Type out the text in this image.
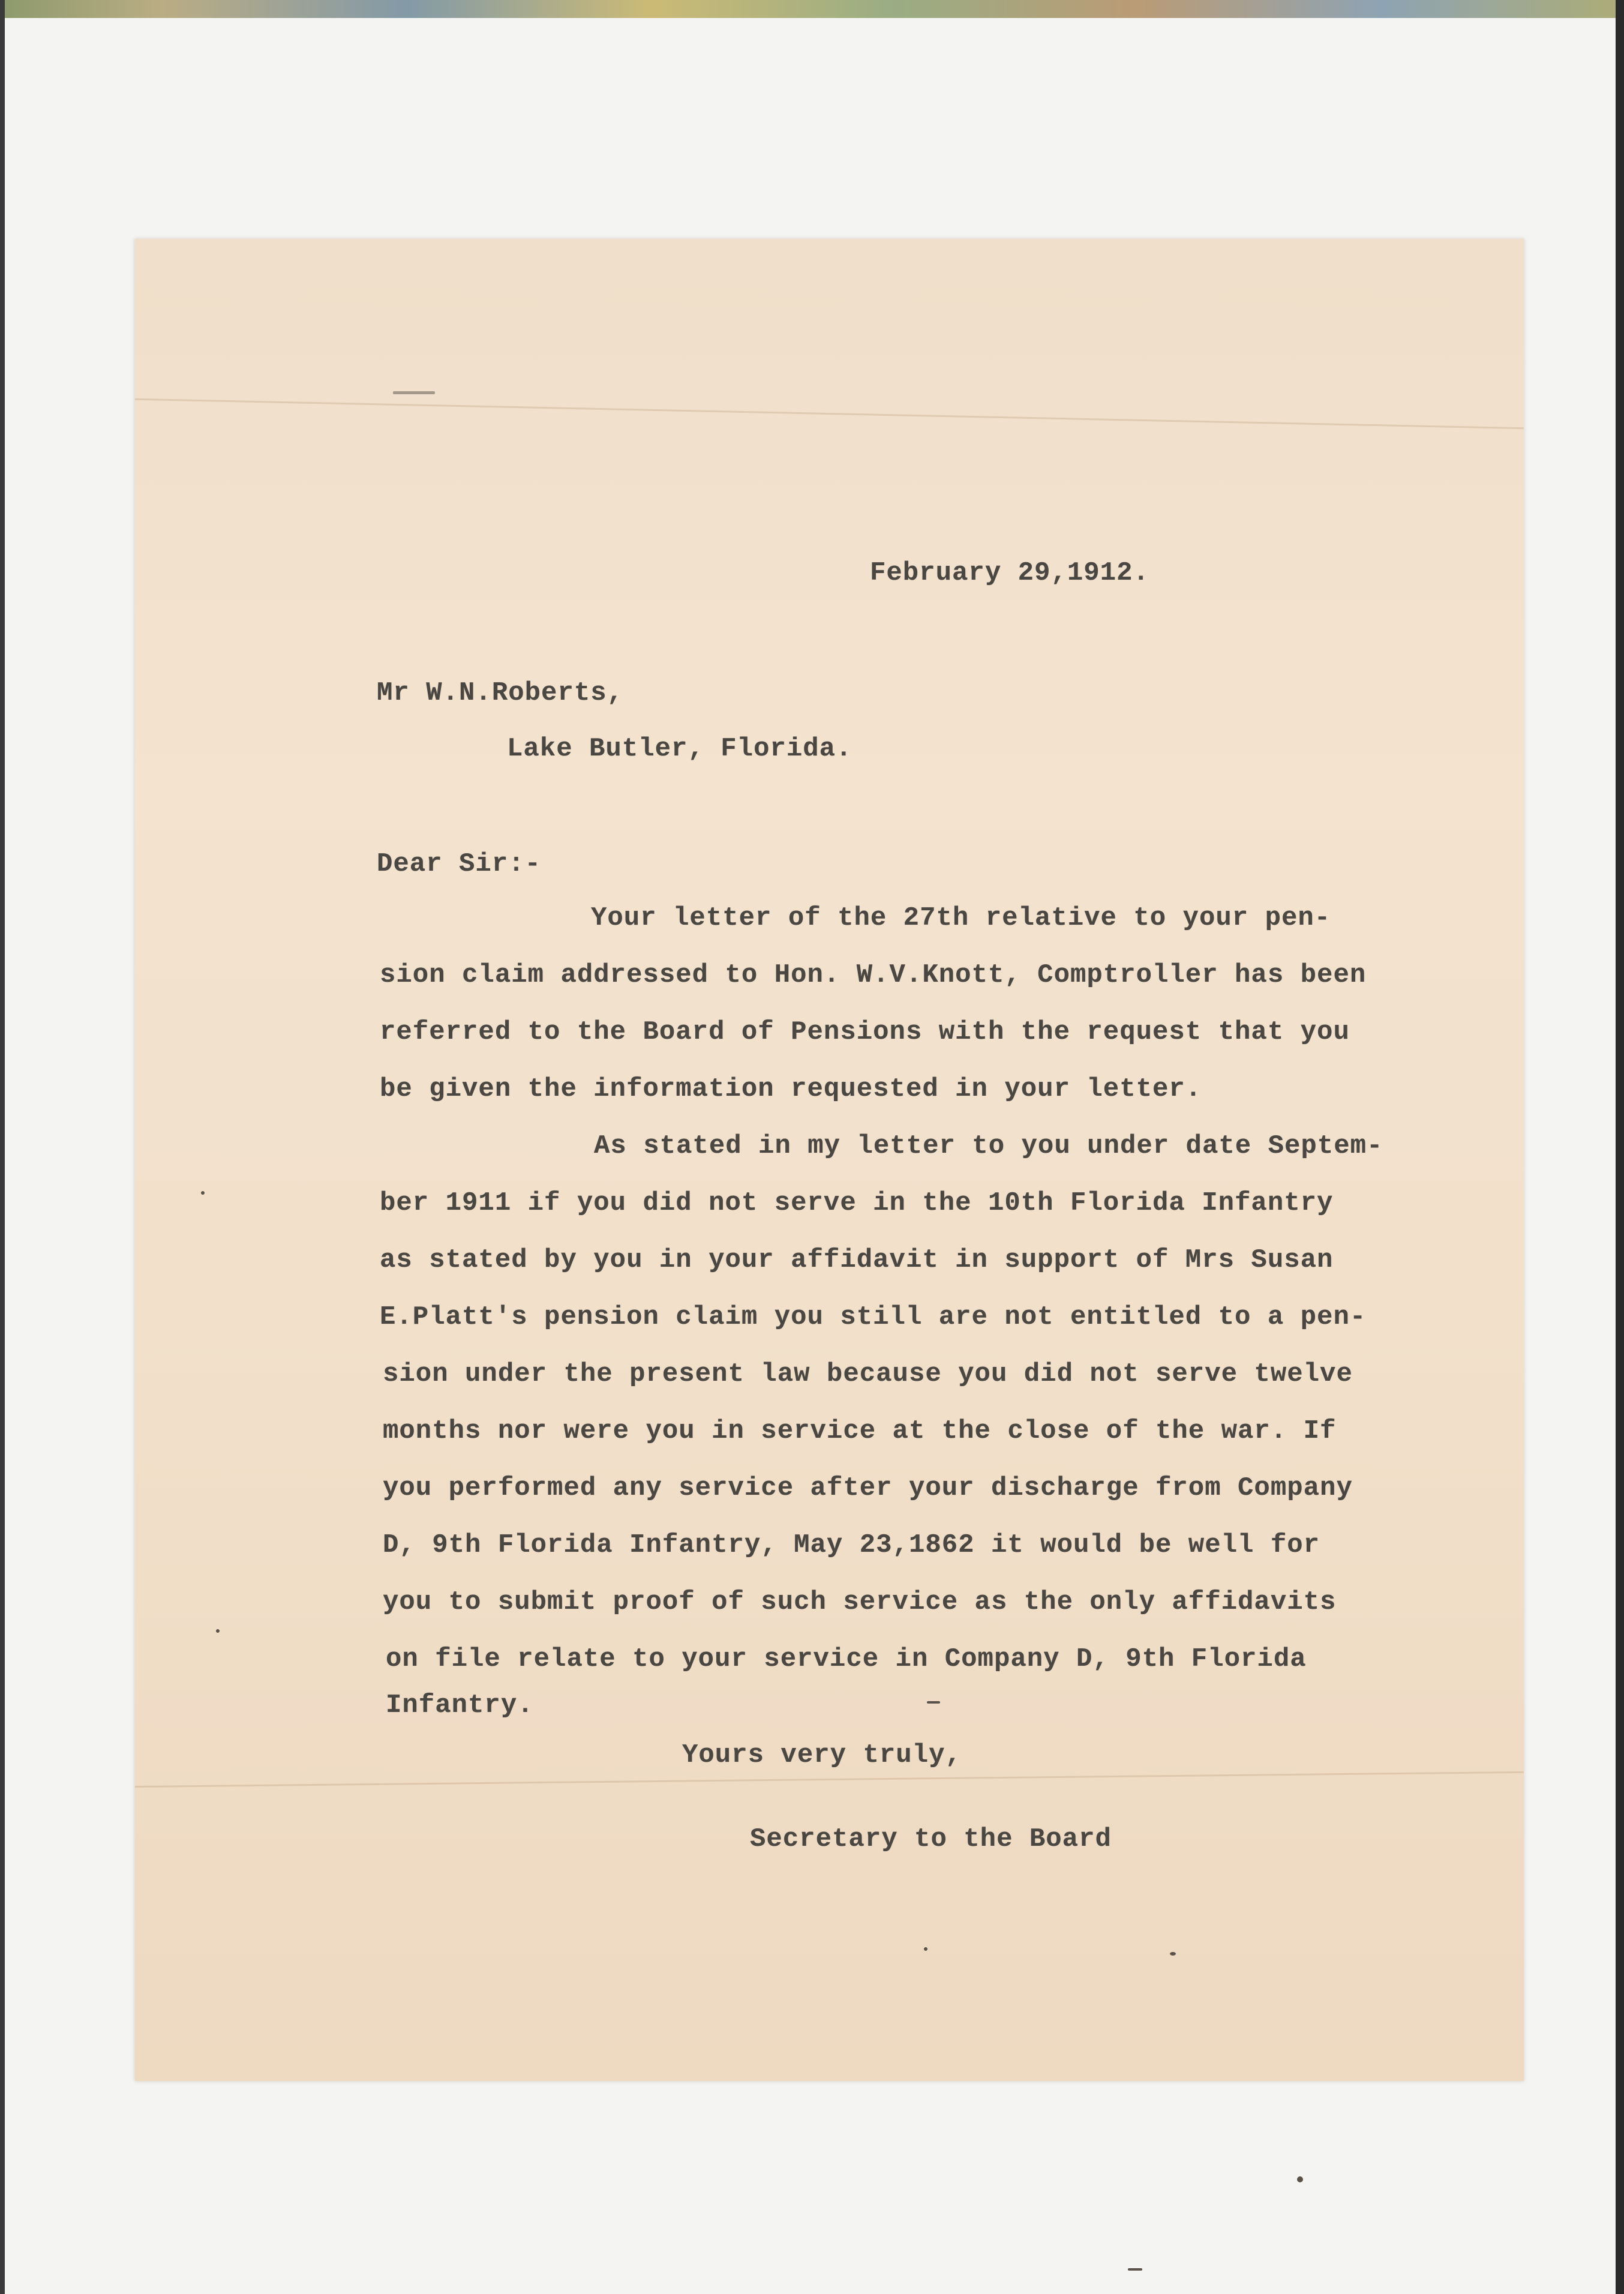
February 29,1912.
Mr W.N.Roberts,
Lake Butler, Florida.
Dear Sir:-
Your letter of the 27th relative to your pen-
sion claim addressed to Hon. W.V.Knott, Comptroller has been
referred to the Board of Pensions with the request that you
be given the information requested in your letter.
As stated in my letter to you under date Septem-
ber 1911 if you did not serve in the 10th Florida Infantry
as stated by you in your affidavit in support of Mrs Susan
E.Platt's pension claim you still are not entitled to a pen-
sion under the present law because you did not serve twelve
months nor were you in service at the close of the war. If
you performed any service after your discharge from Company
D, 9th Florida Infantry, May 23,1862 it would be well for
you to submit proof of such service as the only affidavits
on file relate to your service in Company D, 9th Florida
Infantry.
Yours very truly,
Secretary to the Board
